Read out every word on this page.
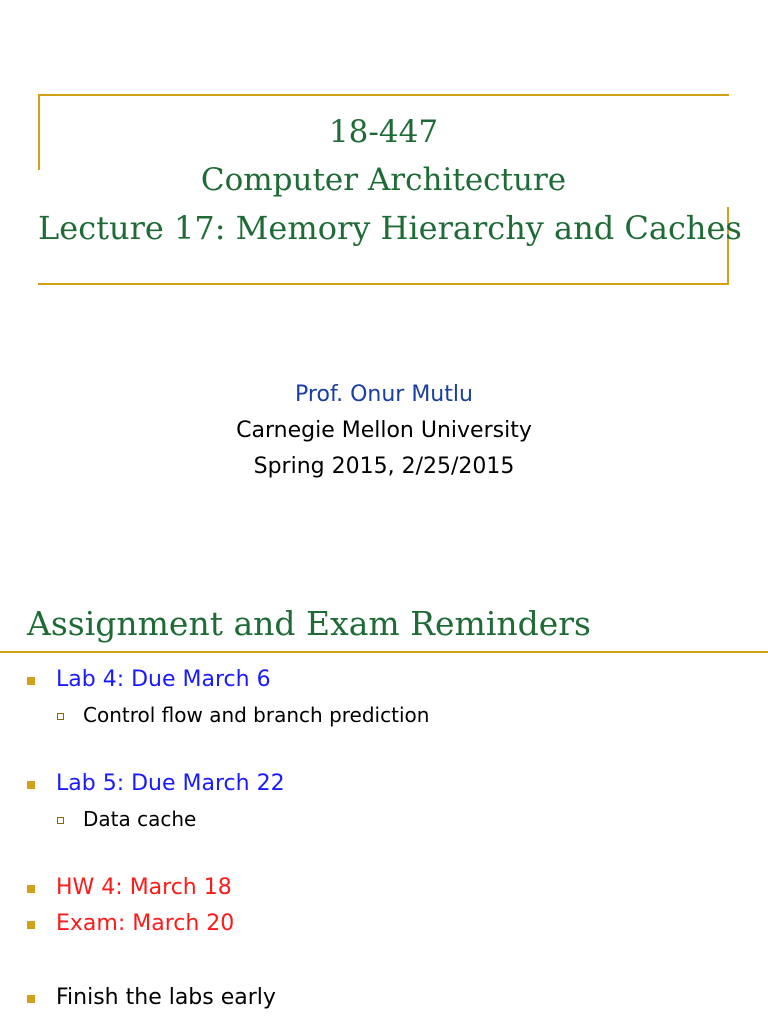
18-447
Computer Architecture
Lecture 17: Memory Hierarchy and Caches
Prof. Onur Mutlu
Carnegie Mellon University
Spring 2015, 2/25/2015
Assignment and Exam Reminders
Lab 4: Due March 6
Control flow and branch prediction
Lab 5: Due March 22
Data cache
HW 4: March 18
Exam: March 20
Finish the labs early
